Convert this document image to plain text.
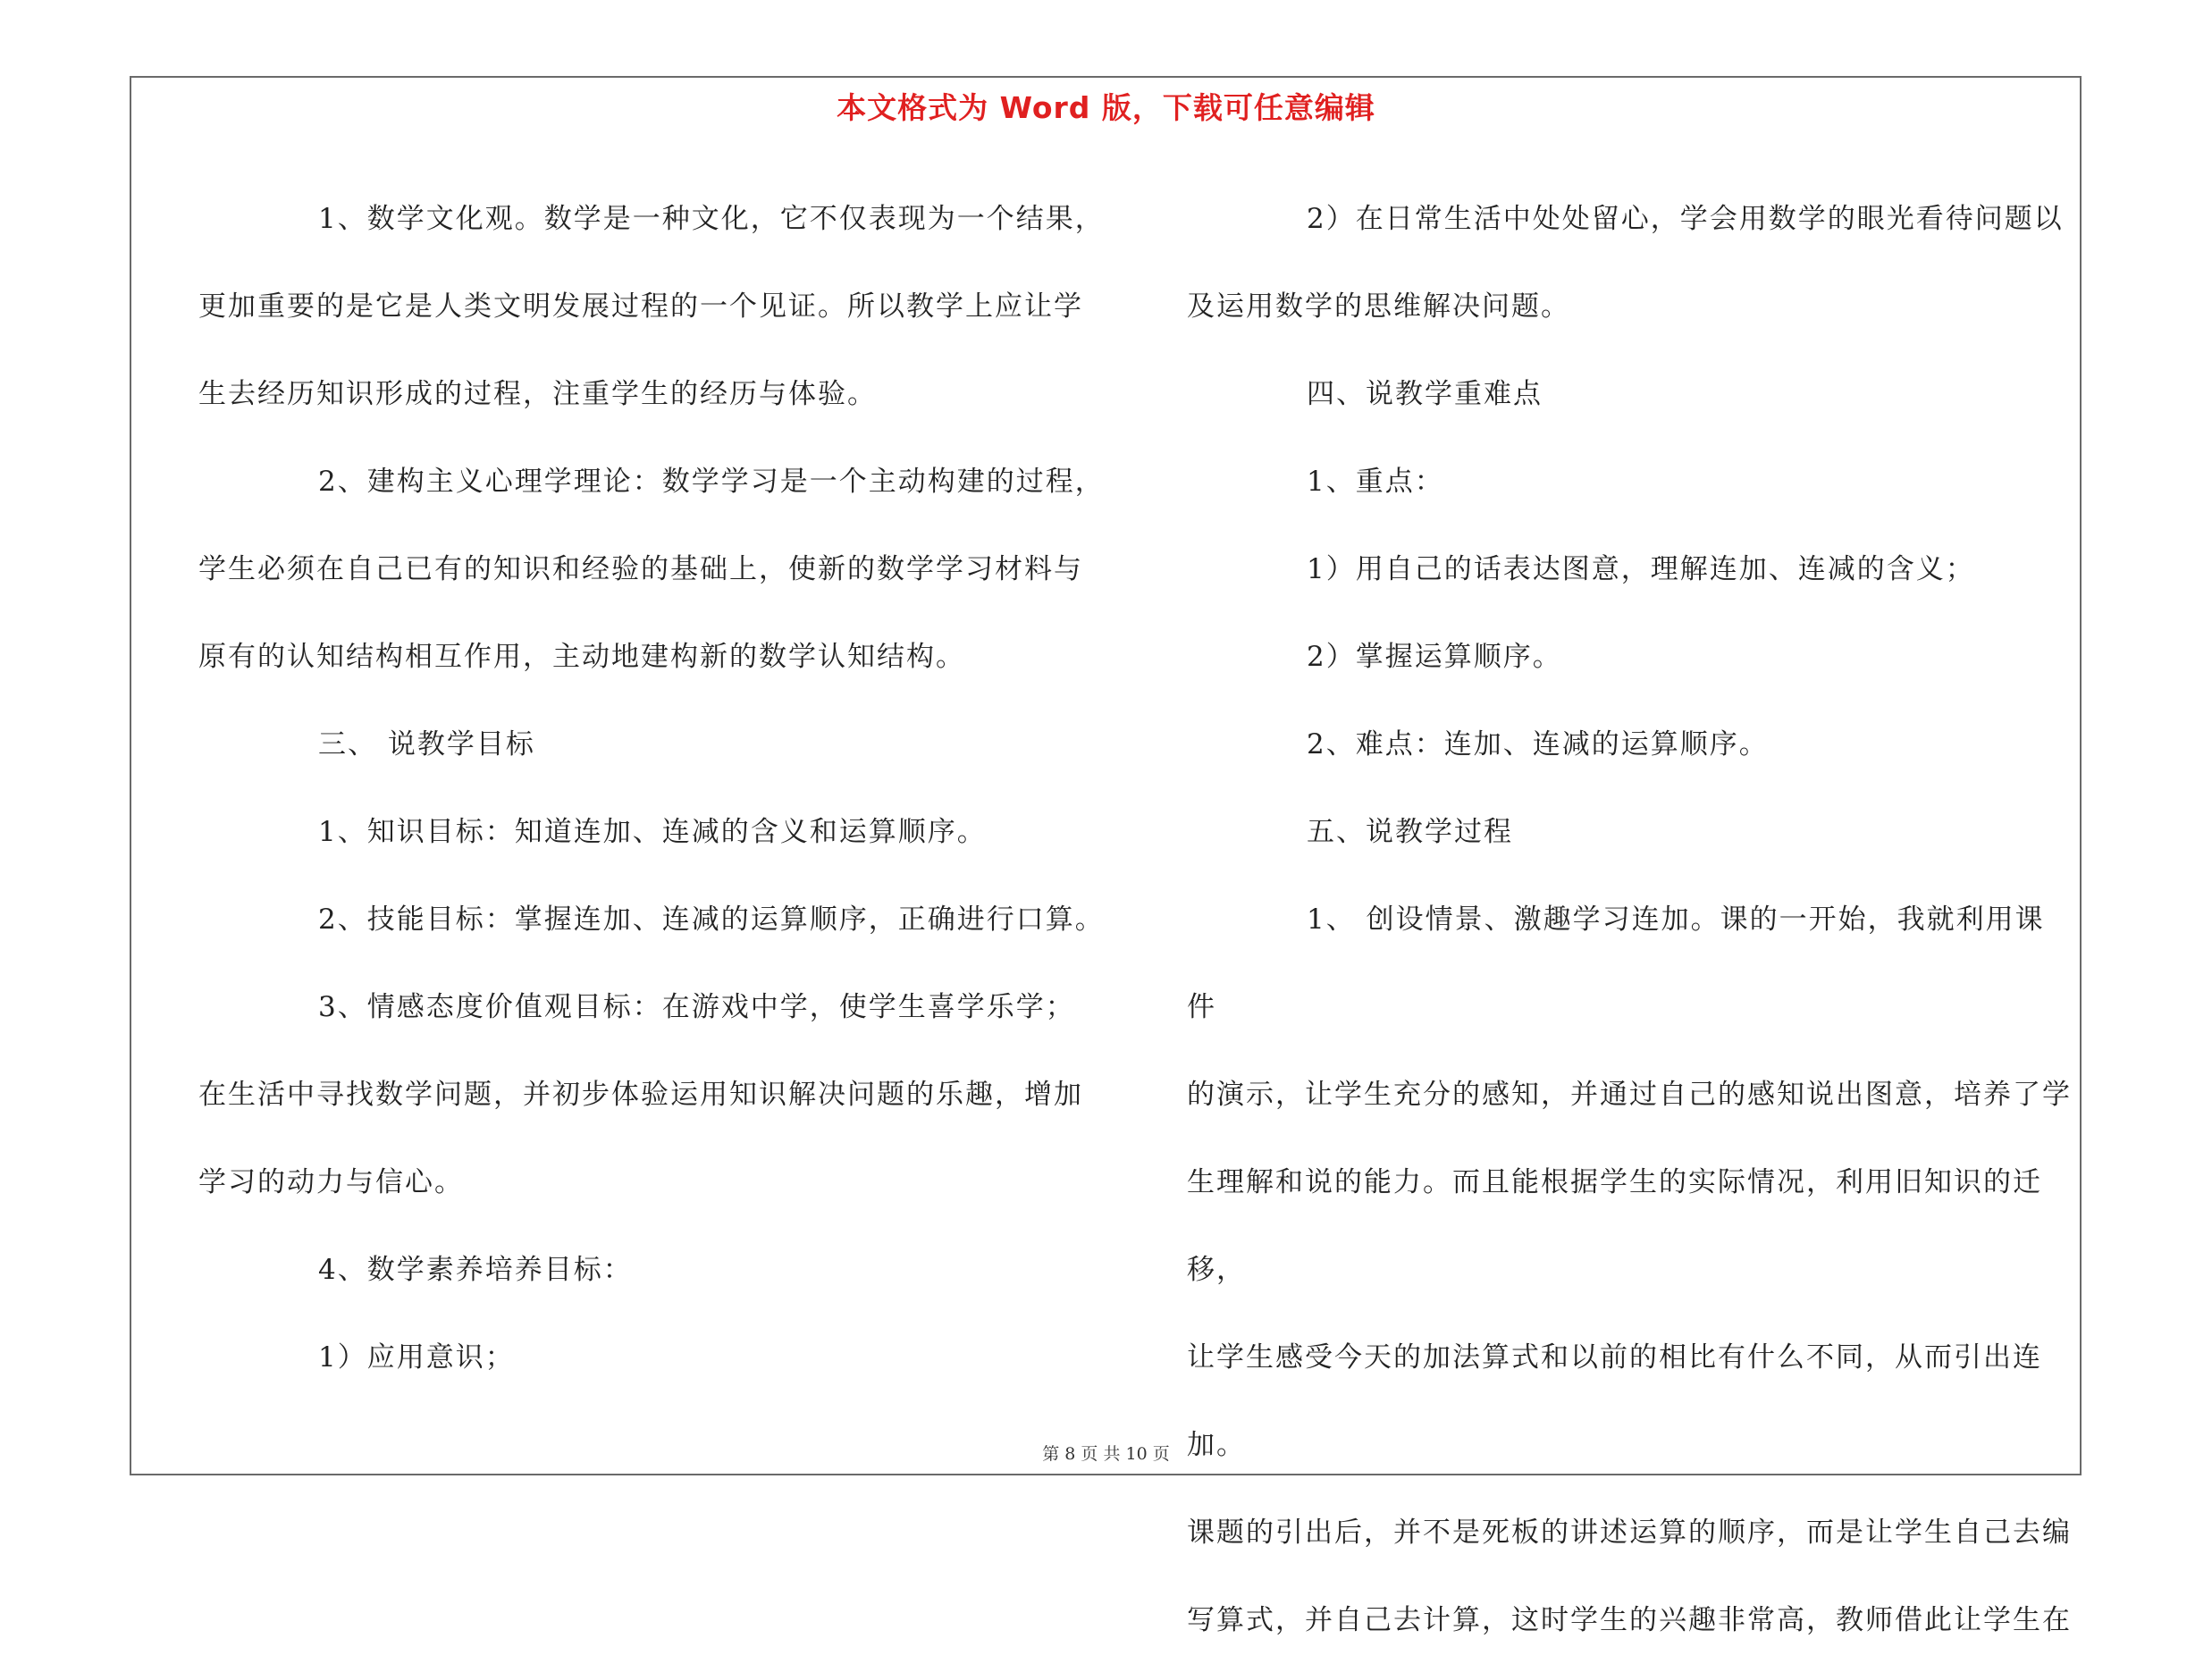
本文格式为 Word 版，下载可任意编辑

1、数学文化观。数学是一种文化，它不仅表现为一个结果，

更加重要的是它是人类文明发展过程的一个见证。所以教学上应让学

生去经历知识形成的过程，注重学生的经历与体验。

2、建构主义心理学理论：数学学习是一个主动构建的过程，

学生必须在自己已有的知识和经验的基础上，使新的数学学习材料与

原有的认知结构相互作用，主动地建构新的数学认知结构。

三、 说教学目标

1、知识目标：知道连加、连减的含义和运算顺序。

2、技能目标：掌握连加、连减的运算顺序，正确进行口算。

3、情感态度价值观目标：在游戏中学，使学生喜学乐学；

在生活中寻找数学问题，并初步体验运用知识解决问题的乐趣，增加

学习的动力与信心。

4、数学素养培养目标：

1）应用意识；

2）在日常生活中处处留心，学会用数学的眼光看待问题以

及运用数学的思维解决问题。

四、说教学重难点

1、重点：

1）用自己的话表达图意，理解连加、连减的含义；

2）掌握运算顺序。

2、难点：连加、连减的运算顺序。

五、说教学过程

1、 创设情景、激趣学习连加。课的一开始，我就利用课件

的演示，让学生充分的感知，并通过自己的感知说出图意，培养了学

生理解和说的能力。而且能根据学生的实际情况，利用旧知识的迁移，

让学生感受今天的加法算式和以前的相比有什么不同，从而引出连加。

课题的引出后，并不是死板的讲述运算的顺序，而是让学生自己去编

写算式，并自己去计算，这时学生的兴趣非常高，教师借此让学生在

第 8 页 共 10 页
